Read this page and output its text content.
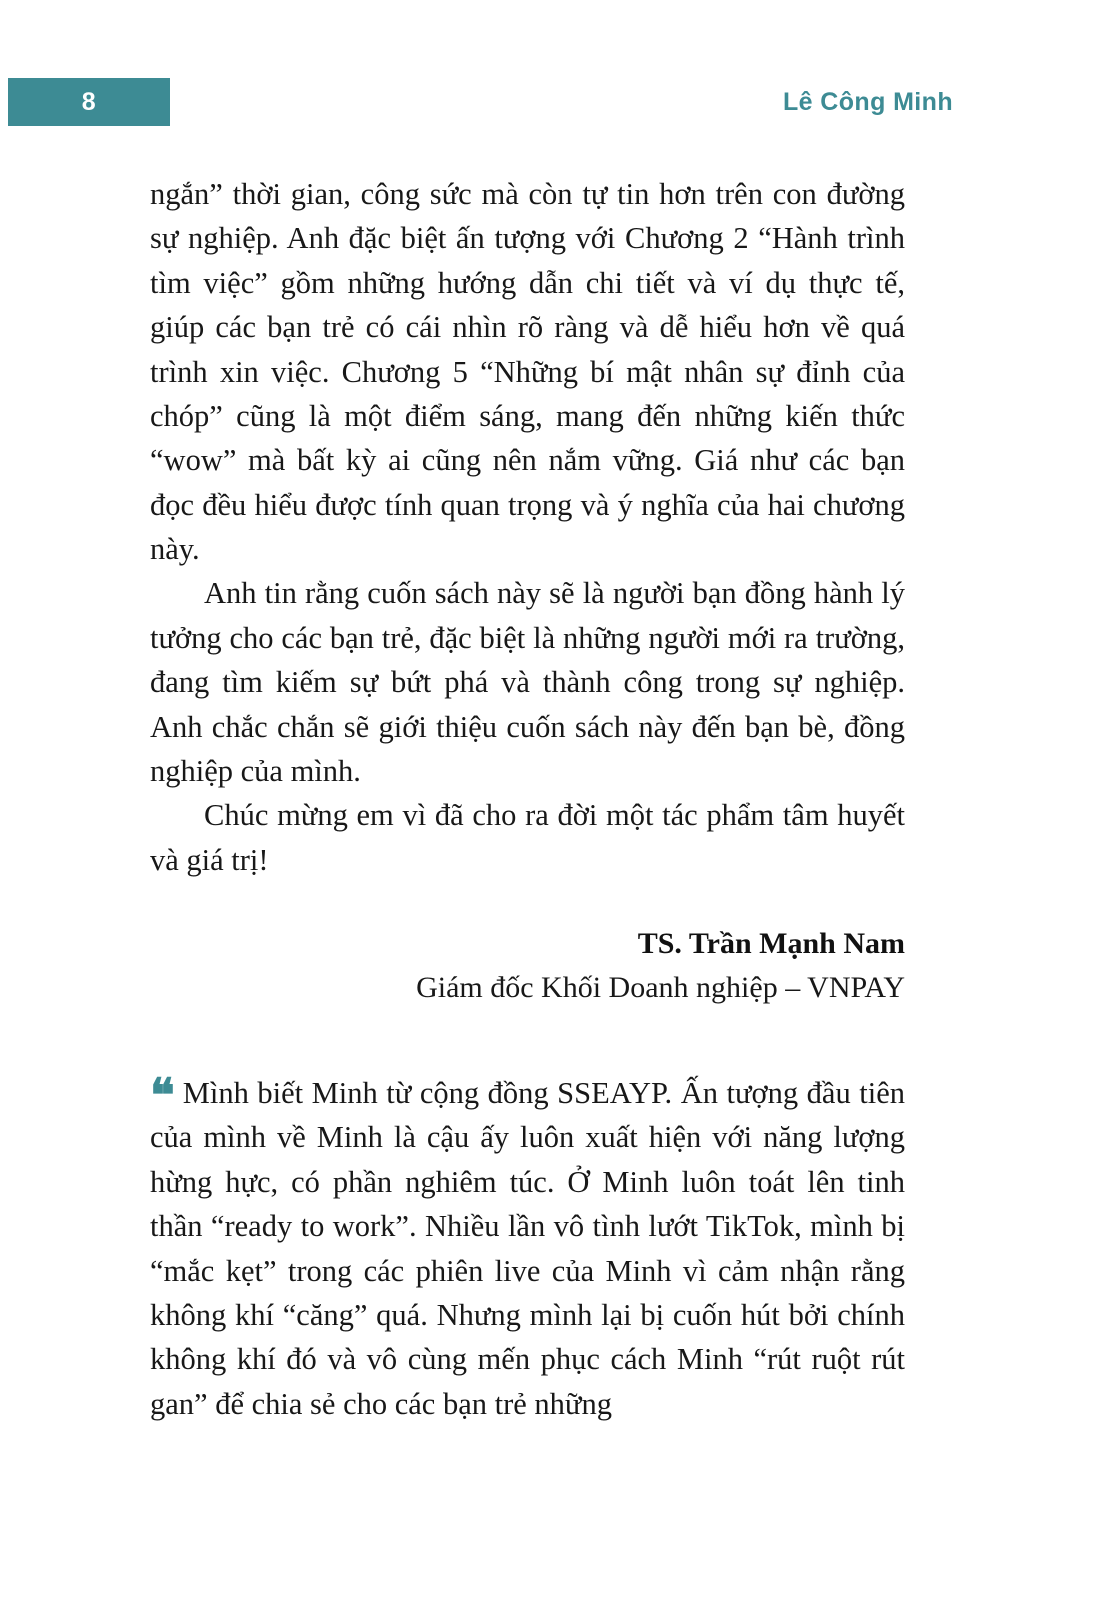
8	Lê Công Minh

ngắn” thời gian, công sức mà còn tự tin hơn trên con đường sự nghiệp. Anh đặc biệt ấn tượng với Chương 2 “Hành trình tìm việc” gồm những hướng dẫn chi tiết và ví dụ thực tế, giúp các bạn trẻ có cái nhìn rõ ràng và dễ hiểu hơn về quá trình xin việc. Chương 5 “Những bí mật nhân sự đỉnh của chóp” cũng là một điểm sáng, mang đến những kiến thức “wow” mà bất kỳ ai cũng nên nắm vững. Giá như các bạn đọc đều hiểu được tính quan trọng và ý nghĩa của hai chương này.

Anh tin rằng cuốn sách này sẽ là người bạn đồng hành lý tưởng cho các bạn trẻ, đặc biệt là những người mới ra trường, đang tìm kiếm sự bứt phá và thành công trong sự nghiệp. Anh chắc chắn sẽ giới thiệu cuốn sách này đến bạn bè, đồng nghiệp của mình.

Chúc mừng em vì đã cho ra đời một tác phẩm tâm huyết và giá trị!

TS. Trần Mạnh Nam
Giám đốc Khối Doanh nghiệp – VNPAY

❝ Mình biết Minh từ cộng đồng SSEAYP. Ấn tượng đầu tiên của mình về Minh là cậu ấy luôn xuất hiện với năng lượng hừng hực, có phần nghiêm túc. Ở Minh luôn toát lên tinh thần “ready to work”. Nhiều lần vô tình lướt TikTok, mình bị “mắc kẹt” trong các phiên live của Minh vì cảm nhận rằng không khí “căng” quá. Nhưng mình lại bị cuốn hút bởi chính không khí đó và vô cùng mến phục cách Minh “rút ruột rút gan” để chia sẻ cho các bạn trẻ những
